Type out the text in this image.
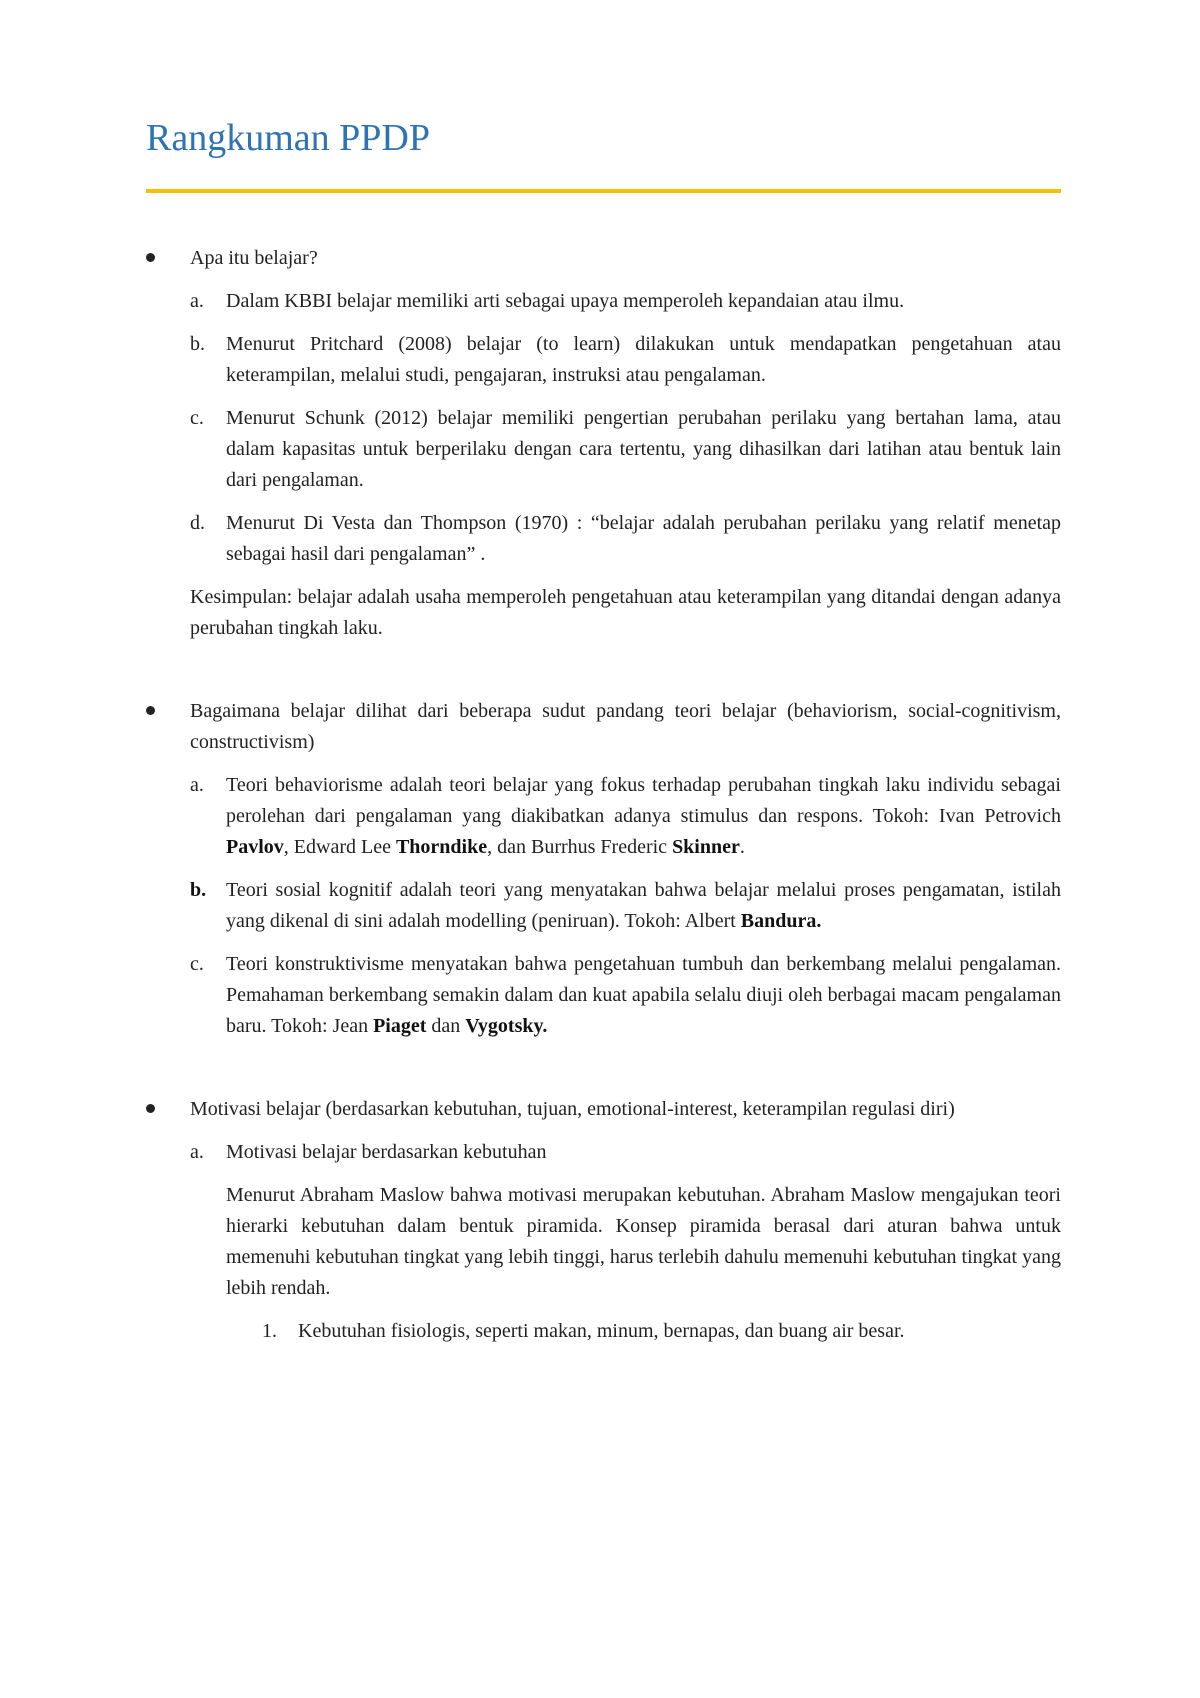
Rangkuman PPDP
Apa itu belajar?
a. Dalam KBBI belajar memiliki arti sebagai upaya memperoleh kepandaian atau ilmu.
b. Menurut Pritchard (2008) belajar (to learn) dilakukan untuk mendapatkan pengetahuan atau keterampilan, melalui studi, pengajaran, instruksi atau pengalaman.
c. Menurut Schunk (2012) belajar memiliki pengertian perubahan perilaku yang bertahan lama, atau dalam kapasitas untuk berperilaku dengan cara tertentu, yang dihasilkan dari latihan atau bentuk lain dari pengalaman.
d. Menurut Di Vesta dan Thompson (1970) : “belajar adalah perubahan perilaku yang relatif menetap sebagai hasil dari pengalaman” .
Kesimpulan: belajar adalah usaha memperoleh pengetahuan atau keterampilan yang ditandai dengan adanya perubahan tingkah laku.
Bagaimana belajar dilihat dari beberapa sudut pandang teori belajar (behaviorism, social-cognitivism, constructivism)
a. Teori behaviorisme adalah teori belajar yang fokus terhadap perubahan tingkah laku individu sebagai perolehan dari pengalaman yang diakibatkan adanya stimulus dan respons. Tokoh: Ivan Petrovich Pavlov, Edward Lee Thorndike, dan Burrhus Frederic Skinner.
b. Teori sosial kognitif adalah teori yang menyatakan bahwa belajar melalui proses pengamatan, istilah yang dikenal di sini adalah modelling (peniruan). Tokoh: Albert Bandura.
c. Teori konstruktivisme menyatakan bahwa pengetahuan tumbuh dan berkembang melalui pengalaman. Pemahaman berkembang semakin dalam dan kuat apabila selalu diuji oleh berbagai macam pengalaman baru. Tokoh: Jean Piaget dan Vygotsky.
Motivasi belajar (berdasarkan kebutuhan, tujuan, emotional-interest, keterampilan regulasi diri)
a. Motivasi belajar berdasarkan kebutuhan
Menurut Abraham Maslow bahwa motivasi merupakan kebutuhan. Abraham Maslow mengajukan teori hierarki kebutuhan dalam bentuk piramida. Konsep piramida berasal dari aturan bahwa untuk memenuhi kebutuhan tingkat yang lebih tinggi, harus terlebih dahulu memenuhi kebutuhan tingkat yang lebih rendah.
1. Kebutuhan fisiologis, seperti makan, minum, bernapas, dan buang air besar.
